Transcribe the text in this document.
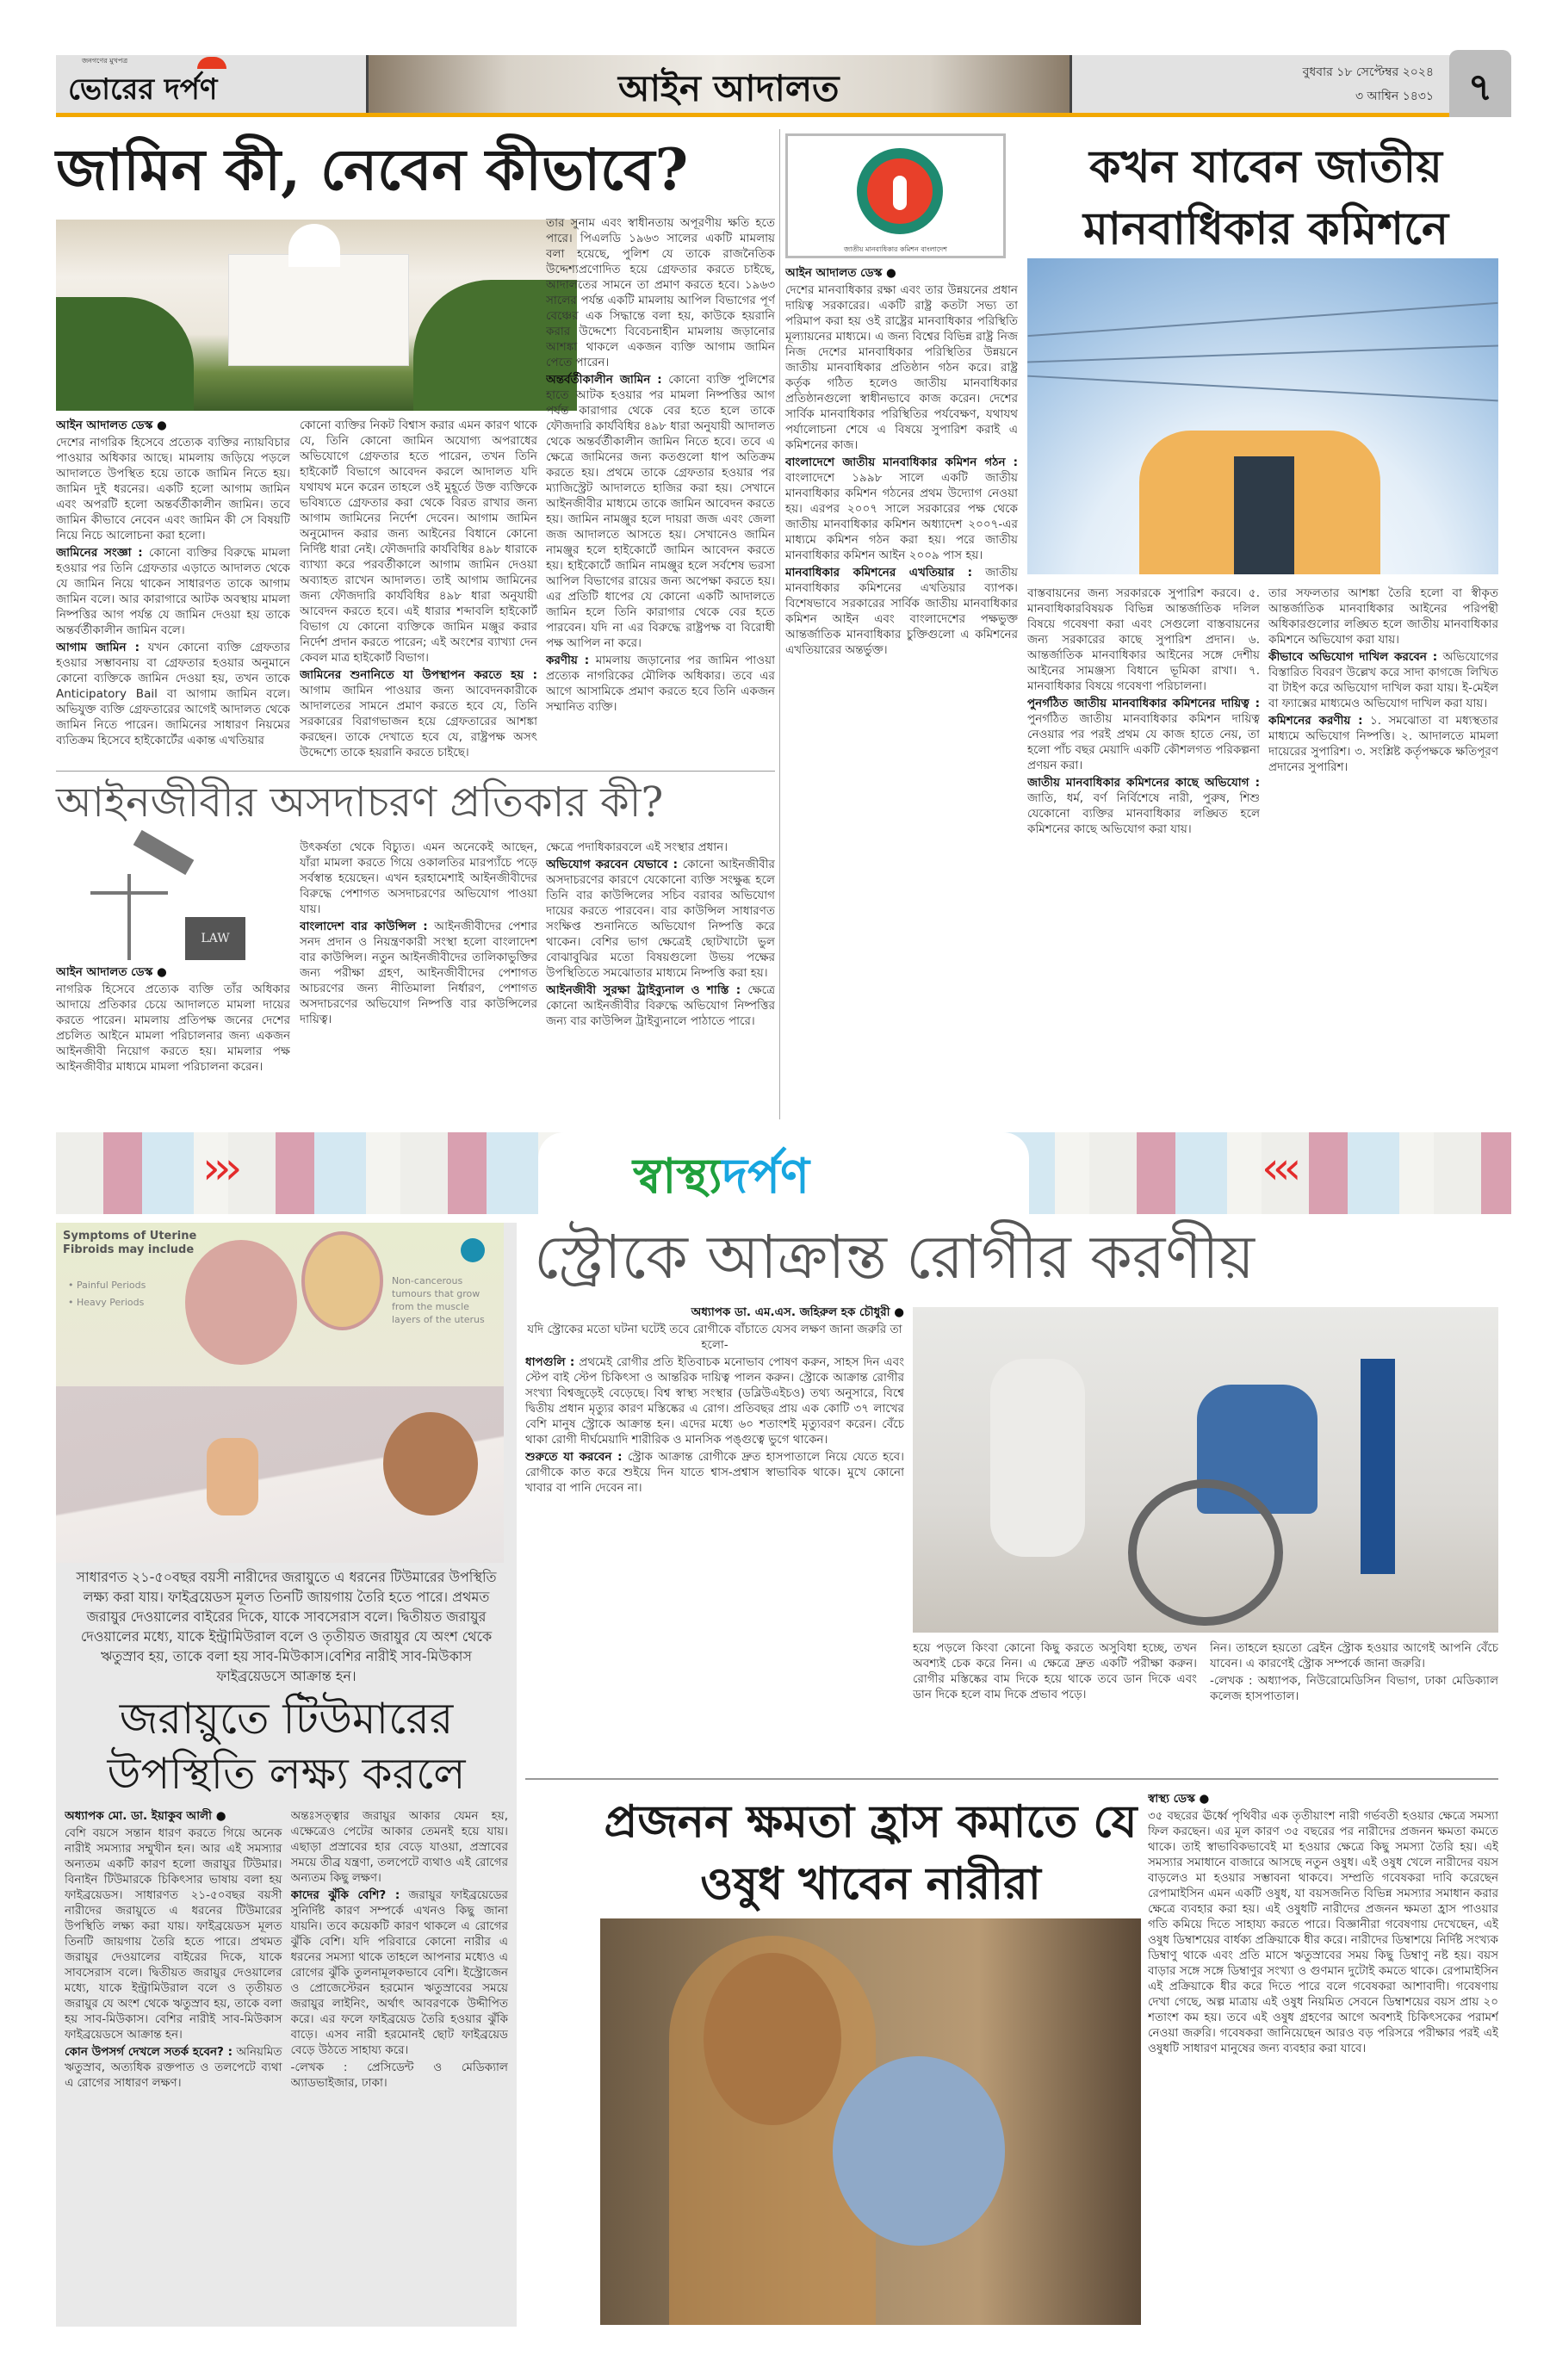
জনগণের মুখপত্র
ভোরের দর্পণ	আইন আদালত	বুধবার ১৮ সেপ্টেম্বর ২০২৪
৩ আশ্বিন ১৪৩১ ৭
জামিন কী, নেবেন কীভাবে?

আইন আদালত ডেস্ক ●

দেশের নাগরিক হিসেবে প্রত্যেক ব্যক্তির ন্যায়বিচার পাওয়ার অধিকার আছে। মামলায় জড়িয়ে পড়লে আদালতে উপস্থিত হয়ে তাকে জামিন নিতে হয়। জামিন দুই ধরনের। একটি হলো আগাম জামিন এবং অপরটি হলো অন্তর্বর্তীকালীন জামিন। তবে জামিন কীভাবে নেবেন এবং জামিন কী সে বিষয়টি নিয়ে নিচে আলোচনা করা হলো।

জামিনের সংজ্ঞা : কোনো ব্যক্তির বিরুদ্ধে মামলা হওয়ার পর তিনি গ্রেফতার এড়াতে আদালত থেকে যে জামিন নিয়ে থাকেন সাধারণত তাকে আগাম জামিন বলে। আর কারাগারে আটক অবস্থায় মামলা নিষ্পত্তির আগ পর্যন্ত যে জামিন দেওয়া হয় তাকে অন্তর্বর্তীকালীন জামিন বলে।

আগাম জামিন : যখন কোনো ব্যক্তি গ্রেফতার হওয়ার সম্ভাবনায় বা গ্রেফতার হওয়ার অনুমানে কোনো ব্যক্তিকে জামিন দেওয়া হয়, তখন তাকে Anticipatory Bail বা আগাম জামিন বলে। অভিযুক্ত ব্যক্তি গ্রেফতারের আগেই আদালত থেকে জামিন নিতে পারেন। জামিনের সাধারণ নিয়মের ব্যতিক্রম হিসেবে হাইকোর্টের একান্ত এখতিয়ার

কোনো ব্যক্তির নিকট বিশ্বাস করার এমন কারণ থাকে যে, তিনি কোনো জামিন অযোগ্য অপরাধের অভিযোগে গ্রেফতার হতে পারেন, তখন তিনি হাইকোর্ট বিভাগে আবেদন করলে আদালত যদি যথাযথ মনে করেন তাহলে ওই মুহূর্তে উক্ত ব্যক্তিকে ভবিষ্যতে গ্রেফতার করা থেকে বিরত রাখার জন্য আগাম জামিনের নির্দেশ দেবেন। আগাম জামিন অনুমোদন করার জন্য আইনের বিধানে কোনো নির্দিষ্ট ধারা নেই। ফৌজদারি কার্যবিধির ৪৯৮ ধারাকে ব্যাখ্যা করে পরবর্তীকালে আগাম জামিন দেওয়া অব্যাহত রাখেন আদালত। তাই আগাম জামিনের জন্য ফৌজদারি কার্যবিধির ৪৯৮ ধারা অনুযায়ী আবেদন করতে হবে। এই ধারার শব্দাবলি হাইকোর্ট বিভাগ যে কোনো ব্যক্তিকে জামিন মঞ্জুর করার নির্দেশ প্রদান করতে পারেন; এই অংশের ব্যাখ্যা দেন কেবল মাত্র হাইকোর্ট বিভাগ।

জামিনের শুনানিতে যা উপস্থাপন করতে হয় : আগাম জামিন পাওয়ার জন্য আবেদনকারীকে আদালতের সামনে প্রমাণ করতে হবে যে, তিনি সরকারের বিরাগভাজন হয়ে গ্রেফতারের আশঙ্কা করছেন। তাকে দেখাতে হবে যে, রাষ্ট্রপক্ষ অসৎ উদ্দেশ্যে তাকে হয়রানি করতে চাইছে।

তার সুনাম এবং স্বাধীনতায় অপূরণীয় ক্ষতি হতে পারে। পিএলডি ১৯৬৩ সালের একটি মামলায় বলা হয়েছে, পুলিশ যে তাকে রাজনৈতিক উদ্দেশ্যপ্রণোদিত হয়ে গ্রেফতার করতে চাইছে, আদালতের সামনে তা প্রমাণ করতে হবে। ১৯৬৩ সালের পর্যন্ত একটি মামলায় আপিল বিভাগের পূর্ণ বেঞ্চের এক সিদ্ধান্তে বলা হয়, কাউকে হয়রানি করার উদ্দেশ্যে বিবেচনাহীন মামলায় জড়ানোর আশঙ্কা থাকলে একজন ব্যক্তি আগাম জামিন পেতে পারেন।

অন্তর্বর্তীকালীন জামিন : কোনো ব্যক্তি পুলিশের হাতে আটক হওয়ার পর মামলা নিষ্পত্তির আগ পর্যন্ত কারাগার থেকে বের হতে হলে তাকে ফৌজদারি কার্যবিধির ৪৯৮ ধারা অনুযায়ী আদালত থেকে অন্তর্বর্তীকালীন জামিন নিতে হবে। তবে এ ক্ষেত্রে জামিনের জন্য কতগুলো ধাপ অতিক্রম করতে হয়। প্রথমে তাকে গ্রেফতার হওয়ার পর ম্যাজিস্ট্রেট আদালতে হাজির করা হয়। সেখানে আইনজীবীর মাধ্যমে তাকে জামিন আবেদন করতে হয়। জামিন নামঞ্জুর হলে দায়রা জজ এবং জেলা জজ আদালতে আসতে হয়। সেখানেও জামিন নামঞ্জুর হলে হাইকোর্টে জামিন আবেদন করতে হয়। হাইকোর্টে জামিন নামঞ্জুর হলে সর্বশেষ ভরসা আপিল বিভাগের রায়ের জন্য অপেক্ষা করতে হয়। এর প্রতিটি ধাপের যে কোনো একটি আদালতে জামিন হলে তিনি কারাগার থেকে বের হতে পারবেন। যদি না এর বিরুদ্ধে রাষ্ট্রপক্ষ বা বিরোধী পক্ষ আপিল না করে।

করণীয় : মামলায় জড়ানোর পর জামিন পাওয়া প্রত্যেক নাগরিকের মৌলিক অধিকার। তবে এর আগে আসামিকে প্রমাণ করতে হবে তিনি একজন সম্মানিত ব্যক্তি।

আইনজীবীর অসদাচরণ প্রতিকার কী?
LAW

আইন আদালত ডেস্ক ●

নাগরিক হিসেবে প্রত্যেক ব্যক্তি তাঁর অধিকার আদায়ে প্রতিকার চেয়ে আদালতে মামলা দায়ের করতে পারেন। মামলায় প্রতিপক্ষ জনের দেশের প্রচলিত আইনে মামলা পরিচালনার জন্য একজন আইনজীবী নিয়োগ করতে হয়। মামলার পক্ষ আইনজীবীর মাধ্যমে মামলা পরিচালনা করেন।

উৎকর্ষতা থেকে বিচ্যুত। এমন অনেকেই আছেন, যাঁরা মামলা করতে গিয়ে ওকালতির মারপ্যাঁচে পড়ে সর্বস্বান্ত হয়েছেন। এখন হরহামেশাই আইনজীবীদের বিরুদ্ধে পেশাগত অসদাচরণের অভিযোগ পাওয়া যায়।

বাংলাদেশ বার কাউন্সিল : আইনজীবীদের পেশার সনদ প্রদান ও নিয়ন্ত্রণকারী সংস্থা হলো বাংলাদেশ বার কাউন্সিল। নতুন আইনজীবীদের তালিকাভুক্তির জন্য পরীক্ষা গ্রহণ, আইনজীবীদের পেশাগত আচরণের জন্য নীতিমালা নির্ধারণ, পেশাগত অসদাচরণের অভিযোগ নিষ্পত্তি বার কাউন্সিলের দায়িত্ব।

ক্ষেত্রে পদাধিকারবলে এই সংস্থার প্রধান।

অভিযোগ করবেন যেভাবে : কোনো আইনজীবীর অসদাচরণের কারণে যেকোনো ব্যক্তি সংক্ষুব্ধ হলে তিনি বার কাউন্সিলের সচিব বরাবর অভিযোগ দায়ের করতে পারবেন। বার কাউন্সিল সাধারণত সংক্ষিপ্ত শুনানিতে অভিযোগ নিষ্পত্তি করে থাকেন। বেশির ভাগ ক্ষেত্রেই ছোটখাটো ভুল বোঝাবুঝির মতো বিষয়গুলো উভয় পক্ষের উপস্থিতিতে সমঝোতার মাধ্যমে নিষ্পত্তি করা হয়।

আইনজীবী সুরক্ষা ট্রাইব্যুনাল ও শাস্তি : ক্ষেত্রে কোনো আইনজীবীর বিরুদ্ধে অভিযোগ নিষ্পত্তির জন্য বার কাউন্সিল ট্রাইব্যুনালে পাঠাতে পারে।

জাতীয় মানবাধিকার কমিশন বাংলাদেশ
কখন যাবেন জাতীয় মানবাধিকার কমিশনে

আইন আদালত ডেস্ক ●

দেশের মানবাধিকার রক্ষা এবং তার উন্নয়নের প্রধান দায়িত্ব সরকারের। একটি রাষ্ট্র কতটা সভ্য তা পরিমাপ করা হয় ওই রাষ্ট্রের মানবাধিকার পরিস্থিতি মূল্যায়নের মাধ্যমে। এ জন্য বিশ্বের বিভিন্ন রাষ্ট্র নিজ নিজ দেশের মানবাধিকার পরিস্থিতির উন্নয়নে জাতীয় মানবাধিকার প্রতিষ্ঠান গঠন করে। রাষ্ট্র কর্তৃক গঠিত হলেও জাতীয় মানবাধিকার প্রতিষ্ঠানগুলো স্বাধীনভাবে কাজ করেন। দেশের সার্বিক মানবাধিকার পরিস্থিতির পর্যবেক্ষণ, যথাযথ পর্যালোচনা শেষে এ বিষয়ে সুপারিশ করাই এ কমিশনের কাজ।

বাংলাদেশে জাতীয় মানবাধিকার কমিশন গঠন : বাংলাদেশে ১৯৯৮ সালে একটি জাতীয় মানবাধিকার কমিশন গঠনের প্রথম উদ্যোগ নেওয়া হয়। এরপর ২০০৭ সালে সরকারের পক্ষ থেকে জাতীয় মানবাধিকার কমিশন অধ্যাদেশ ২০০৭-এর মাধ্যমে কমিশন গঠন করা হয়। পরে জাতীয় মানবাধিকার কমিশন আইন ২০০৯ পাস হয়।

মানবাধিকার কমিশনের এখতিয়ার : জাতীয় মানবাধিকার কমিশনের এখতিয়ার ব্যাপক। বিশেষভাবে সরকারের সার্বিক জাতীয় মানবাধিকার কমিশন আইন এবং বাংলাদেশের পক্ষভুক্ত আন্তর্জাতিক মানবাধিকার চুক্তিগুলো এ কমিশনের এখতিয়ারের অন্তর্ভুক্ত।

বাস্তবায়নের জন্য সরকারকে সুপারিশ করবে। ৫. মানবাধিকারবিষয়ক বিভিন্ন আন্তর্জাতিক দলিল বিষয়ে গবেষণা করা এবং সেগুলো বাস্তবায়নের জন্য সরকারের কাছে সুপারিশ প্রদান। ৬. আন্তর্জাতিক মানবাধিকার আইনের সঙ্গে দেশীয় আইনের সামঞ্জস্য বিধানে ভূমিকা রাখা। ৭. মানবাধিকার বিষয়ে গবেষণা পরিচালনা।

পুনর্গঠিত জাতীয় মানবাধিকার কমিশনের দায়িত্ব : পুনর্গঠিত জাতীয় মানবাধিকার কমিশন দায়িত্ব নেওয়ার পর পরই প্রথম যে কাজ হাতে নেয়, তা হলো পাঁচ বছর মেয়াদি একটি কৌশলগত পরিকল্পনা প্রণয়ন করা।

জাতীয় মানবাধিকার কমিশনের কাছে অভিযোগ : জাতি, ধর্ম, বর্ণ নির্বিশেষে নারী, পুরুষ, শিশু যেকোনো ব্যক্তির মানবাধিকার লঙ্ঘিত হলে কমিশনের কাছে অভিযোগ করা যায়।

তার সফলতার আশঙ্কা তৈরি হলো বা স্বীকৃত আন্তর্জাতিক মানবাধিকার আইনের পরিপন্থী অধিকারগুলোর লঙ্ঘিত হলে জাতীয় মানবাধিকার কমিশনে অভিযোগ করা যায়।

কীভাবে অভিযোগ দাখিল করবেন : অভিযোগের বিস্তারিত বিবরণ উল্লেখ করে সাদা কাগজে লিখিত বা টাইপ করে অভিযোগ দাখিল করা যায়। ই-মেইল বা ফ্যাক্সের মাধ্যমেও অভিযোগ দাখিল করা যায়।

কমিশনের করণীয় : ১. সমঝোতা বা মধ্যস্থতার মাধ্যমে অভিযোগ নিষ্পত্তি। ২. আদালতে মামলা দায়েরের সুপারিশ। ৩. সংশ্লিষ্ট কর্তৃপক্ষকে ক্ষতিপূরণ প্রদানের সুপারিশ।

›››	‹‹‹
স্বাস্থ্যদর্পণ
Symptoms of Uterine Fibroids may include
• Painful Periods
• Heavy Periods
Non-cancerous tumours that grow from the muscle layers of the uterus
সাধারণত ২১-৫০বছর বয়সী নারীদের জরায়ুতে এ ধরনের টিউমারের উপস্থিতি লক্ষ্য করা যায়। ফাইব্রয়েডস মূলত তিনটি জায়গায় তৈরি হতে পারে। প্রথমত জরায়ুর দেওয়ালের বাইরের দিকে, যাকে সাবসেরাস বলে। দ্বিতীয়ত জরায়ুর দেওয়ালের মধ্যে, যাকে ইন্ট্রামিউরাল বলে ও তৃতীয়ত জরায়ুর যে অংশ থেকে ঋতুস্রাব হয়, তাকে বলা হয় সাব-মিউকাস।বেশির নারীই সাব-মিউকাস ফাইব্রয়েডসে আক্রান্ত হন।
জরায়ুতে টিউমারের উপস্থিতি লক্ষ্য করলে

অধ্যাপক মো. ডা. ইয়াকুব আলী ●

বেশি বয়সে সন্তান ধারণ করতে গিয়ে অনেক নারীই সমস্যার সম্মুখীন হন। আর এই সমস্যার অন্যতম একটি কারণ হলো জরায়ুর টিউমার। বিনাইন টিউমারকে চিকিৎসার ভাষায় বলা হয় ফাইব্রয়েডস। সাধারণত ২১-৫০বছর বয়সী নারীদের জরায়ুতে এ ধরনের টিউমারের উপস্থিতি লক্ষ্য করা যায়। ফাইব্রয়েডস মূলত তিনটি জায়গায় তৈরি হতে পারে। প্রথমত জরায়ুর দেওয়ালের বাইরের দিকে, যাকে সাবসেরাস বলে। দ্বিতীয়ত জরায়ুর দেওয়ালের মধ্যে, যাকে ইন্ট্রামিউরাল বলে ও তৃতীয়ত জরায়ুর যে অংশ থেকে ঋতুস্রাব হয়, তাকে বলা হয় সাব-মিউকাস। বেশির নারীই সাব-মিউকাস ফাইব্রয়েডসে আক্রান্ত হন।

কোন উপসর্গ দেখলে সতর্ক হবেন? : অনিয়মিত ঋতুস্রাব, অত্যধিক রক্তপাত ও তলপেটে ব্যথা এ রোগের সাধারণ লক্ষণ।

অন্তঃসত্ত্বার জরায়ুর আকার যেমন হয়, এক্ষেত্রেও পেটের আকার তেমনই হয়ে যায়। এছাড়া প্রস্রাবের হার বেড়ে যাওয়া, প্রস্রাবের সময়ে তীব্র যন্ত্রণা, তলপেটে ব্যথাও এই রোগের অন্যতম কিছু লক্ষণ।

কাদের ঝুঁকি বেশি? : জরায়ুর ফাইব্রয়েডের সুনির্দিষ্ট কারণ সম্পর্কে এখনও কিছু জানা যায়নি। তবে কয়েকটি কারণ থাকলে এ রোগের ঝুঁকি বেশি। যদি পরিবারে কোনো নারীর এ ধরনের সমস্যা থাকে তাহলে আপনার মধ্যেও এ রোগের ঝুঁকি তুলনামূলকভাবে বেশি। ইস্ট্রোজেন ও প্রোজেস্টেরন হরমোন ঋতুস্রাবের সময়ে জরায়ুর লাইনিং, অর্থাৎ আবরণকে উদ্দীপিত করে। এর ফলে ফাইব্রয়েড তৈরি হওয়ার ঝুঁকি বাড়ে। এসব নারী হরমোনই ছোট ফাইব্রয়েড বেড়ে উঠতে সাহায্য করে।

-লেখক : প্রেসিডেন্ট ও মেডিক্যাল অ্যাডভাইজার, ঢাকা।

স্ট্রোকে আক্রান্ত রোগীর করণীয়

অধ্যাপক ডা. এম.এস. জহিরুল হক চৌধুরী ●

যদি স্ট্রোকের মতো ঘটনা ঘটেই তবে রোগীকে বাঁচাতে যেসব লক্ষণ জানা জরুরি তা হলো-

ধাপগুলি : প্রথমেই রোগীর প্রতি ইতিবাচক মনোভাব পোষণ করুন, সাহস দিন এবং স্টেপ বাই স্টেপ চিকিৎসা ও আন্তরিক দায়িত্ব পালন করুন। স্ট্রোকে আক্রান্ত রোগীর সংখ্যা বিশ্বজুড়েই বেড়েছে। বিশ্ব স্বাস্থ্য সংস্থার (ডব্লিউএইচও) তথ্য অনুসারে, বিশ্বে দ্বিতীয় প্রধান মৃত্যুর কারণ মস্তিষ্কের এ রোগ। প্রতিবছর প্রায় এক কোটি ৩৭ লাখের বেশি মানুষ স্ট্রোকে আক্রান্ত হন। এদের মধ্যে ৬০ শতাংশই মৃত্যুবরণ করেন। বেঁচে থাকা রোগী দীর্ঘমেয়াদি শারীরিক ও মানসিক পঙ্গুত্বে ভুগে থাকেন।

শুরুতে যা করবেন : স্ট্রোক আক্রান্ত রোগীকে দ্রুত হাসপাতালে নিয়ে যেতে হবে। রোগীকে কাত করে শুইয়ে দিন যাতে শ্বাস-প্রশ্বাস স্বাভাবিক থাকে। মুখে কোনো খাবার বা পানি দেবেন না।

হয়ে পড়লে কিংবা কোনো কিছু করতে অসুবিধা হচ্ছে, তখন অবশ্যই চেক করে নিন। এ ক্ষেত্রে দ্রুত একটি পরীক্ষা করুন। রোগীর মস্তিষ্কের বাম দিকে হয়ে থাকে তবে ডান দিকে এবং ডান দিকে হলে বাম দিকে প্রভাব পড়ে।

নিন। তাহলে হয়তো ব্রেইন স্ট্রোক হওয়ার আগেই আপনি বেঁচে যাবেন। এ কারণেই স্ট্রোক সম্পর্কে জানা জরুরি।

-লেখক : অধ্যাপক, নিউরোমেডিসিন বিভাগ, ঢাকা মেডিক্যাল কলেজ হাসপাতাল।

প্রজনন ক্ষমতা হ্রাস কমাতে যে ওষুধ খাবেন নারীরা

স্বাস্থ্য ডেস্ক ●

৩৫ বছরের ঊর্ধ্বে পৃথিবীর এক তৃতীয়াংশ নারী গর্ভবতী হওয়ার ক্ষেত্রে সমস্যা ফিল করছেন। এর মূল কারণ ৩৫ বছরের পর নারীদের প্রজনন ক্ষমতা কমতে থাকে। তাই স্বাভাবিকভাবেই মা হওয়ার ক্ষেত্রে কিছু সমস্যা তৈরি হয়। এই সমস্যার সমাধানে বাজারে আসছে নতুন ওষুধ। এই ওষুধ খেলে নারীদের বয়স বাড়লেও মা হওয়ার সম্ভাবনা থাকবে। সম্প্রতি গবেষকরা দাবি করেছেন রেপামাইসিন এমন একটি ওষুধ, যা বয়সজনিত বিভিন্ন সমস্যার সমাধান করার ক্ষেত্রে ব্যবহার করা হয়। এই ওষুধটি নারীদের প্রজনন ক্ষমতা হ্রাস পাওয়ার গতি কমিয়ে দিতে সাহায্য করতে পারে। বিজ্ঞানীরা গবেষণায় দেখেছেন, এই ওষুধ ডিম্বাশয়ের বার্ধক্য প্রক্রিয়াকে ধীর করে। নারীদের ডিম্বাশয়ে নির্দিষ্ট সংখ্যক ডিম্বাণু থাকে এবং প্রতি মাসে ঋতুস্রাবের সময় কিছু ডিম্বাণু নষ্ট হয়। বয়স বাড়ার সঙ্গে সঙ্গে ডিম্বাণুর সংখ্যা ও গুণমান দুটোই কমতে থাকে। রেপামাইসিন এই প্রক্রিয়াকে ধীর করে দিতে পারে বলে গবেষকরা আশাবাদী। গবেষণায় দেখা গেছে, অল্প মাত্রায় এই ওষুধ নিয়মিত সেবনে ডিম্বাশয়ের বয়স প্রায় ২০ শতাংশ কম হয়। তবে এই ওষুধ গ্রহণের আগে অবশ্যই চিকিৎসকের পরামর্শ নেওয়া জরুরি। গবেষকরা জানিয়েছেন আরও বড় পরিসরে পরীক্ষার পরই এই ওষুধটি সাধারণ মানুষের জন্য ব্যবহার করা যাবে।
